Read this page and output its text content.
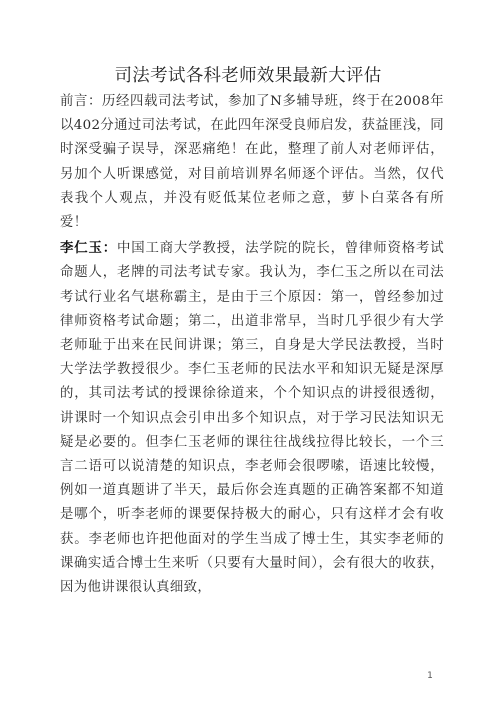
司法考试各科老师效果最新大评估

前言：历经四载司法考试，参加了N多辅导班，终于在2008年以402分通过司法考试，在此四年深受良师启发，获益匪浅，同时深受骗子误导，深恶痛绝！在此，整理了前人对老师评估，另加个人听课感觉，对目前培训界名师逐个评估。当然，仅代表我个人观点，并没有贬低某位老师之意，萝卜白菜各有所爱！

李仁玉：中国工商大学教授，法学院的院长，曾律师资格考试命题人，老牌的司法考试专家。我认为，李仁玉之所以在司法考试行业名气堪称霸主，是由于三个原因：第一，曾经参加过律师资格考试命题；第二，出道非常早，当时几乎很少有大学老师耻于出来在民间讲课；第三，自身是大学民法教授，当时大学法学教授很少。李仁玉老师的民法水平和知识无疑是深厚的，其司法考试的授课徐徐道来，个个知识点的讲授很透彻，讲课时一个知识点会引申出多个知识点，对于学习民法知识无疑是必要的。但李仁玉老师的课往往战线拉得比较长，一个三言二语可以说清楚的知识点，李老师会很啰嗦，语速比较慢，例如一道真题讲了半天，最后你会连真题的正确答案都不知道是哪个，听李老师的课要保持极大的耐心，只有这样才会有收获。李老师也许把他面对的学生当成了博士生，其实李老师的课确实适合博士生来听（只要有大量时间），会有很大的收获，因为他讲课很认真细致，

1
